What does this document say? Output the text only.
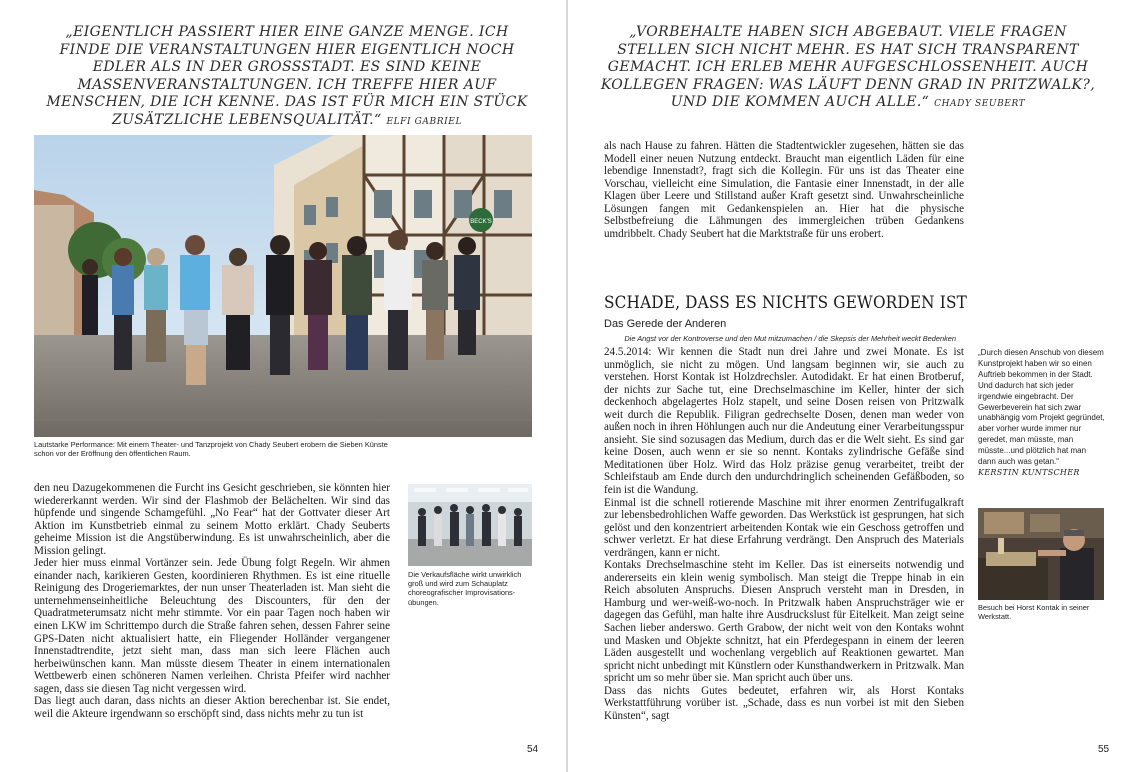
„EIGENTLICH PASSIERT HIER EINE GANZE MENGE. ICH FINDE DIE VERANSTALTUNGEN HIER EIGENTLICH NOCH EDLER ALS IN DER GROSSSTADT. ES SIND KEINE MASSENVERANSTALTUNGEN. ICH TREFFE HIER AUF MENSCHEN, DIE ICH KENNE. DAS IST FÜR MICH EIN STÜCK ZUSÄTZLICHE LEBENSQUALITÄT.“ ELFI GABRIEL
BECK'S
Lautstarke Performance: Mit einem Theater- und Tanzprojekt von Chady Seubert erobern die Sieben Künste schon vor der Eröffnung den öffentlichen Raum.

den neu Dazugekommenen die Furcht ins Gesicht geschrieben, sie könnten hier wiedererkannt werden. Wir sind der Flashmob der Belächelten. Wir sind das hüpfende und singende Schamgefühl. „No Fear“ hat der Gottvater dieser Art Aktion im Kunstbetrieb einmal zu seinem Motto erklärt. Chady Seuberts geheime Mission ist die Angstüberwindung. Es ist unwahrscheinlich, aber die Mission gelingt.

Jeder hier muss einmal Vortänzer sein. Jede Übung folgt Regeln. Wir ahmen einander nach, karikieren Gesten, koordinieren Rhythmen. Es ist eine rituelle Reinigung des Drogeriemarktes, der nun unser Theaterladen ist. Man sieht die unternehmenseinheitliche Beleuchtung des Discounters, für den der Quadratmeterumsatz nicht mehr stimmte. Vor ein paar Tagen noch haben wir einen LKW im Schrittempo durch die Straße fahren sehen, dessen Fahrer seine GPS-Daten nicht aktualisiert hatte, ein Fliegender Holländer vergangener Innenstadtrendite, jetzt sieht man, dass man sich leere Flächen auch herbeiwünschen kann. Man müsste diesem Theater in einem internationalen Wettbewerb einen schöneren Namen verleihen. Christa Pfeifer wird nachher sagen, dass sie diesen Tag nicht vergessen wird.

Das liegt auch daran, dass nichts an dieser Aktion berechenbar ist. Sie endet, weil die Akteure irgendwann so erschöpft sind, dass nichts mehr zu tun ist

Die Verkaufsfläche wirkt unwirklich groß und wird zum Schauplatz choreografischer Improvisations-übungen.
54
„VORBEHALTE HABEN SICH ABGEBAUT. VIELE FRAGEN STELLEN SICH NICHT MEHR. ES HAT SICH TRANSPARENT GEMACHT. ICH ERLEB MEHR AUFGESCHLOSSENHEIT. AUCH KOLLEGEN FRAGEN: WAS LÄUFT DENN GRAD IN PRITZWALK?, UND DIE KOMMEN AUCH ALLE.“ CHADY SEUBERT

als nach Hause zu fahren. Hätten die Stadtentwickler zugesehen, hätten sie das Modell einer neuen Nutzung entdeckt. Braucht man eigentlich Läden für eine lebendige Innenstadt?, fragt sich die Kollegin. Für uns ist das Theater eine Vorschau, vielleicht eine Simulation, die Fantasie einer Innenstadt, in der alle Klagen über Leere und Stillstand außer Kraft gesetzt sind. Unwahrscheinliche Lösungen fangen mit Gedankenspielen an. Hier hat die physische Selbstbefreiung die Lähmungen des immergleichen trüben Gedankens umdribbelt. Chady Seubert hat die Marktstraße für uns erobert.

SCHADE, DASS ES NICHTS GEWORDEN IST
Das Gerede der Anderen
Die Angst vor der Kontroverse und den Mut mitzumachen / die Skepsis der Mehrheit weckt Bedenken

24.5.2014: Wir kennen die Stadt nun drei Jahre und zwei Monate. Es ist unmöglich, sie nicht zu mögen. Und langsam beginnen wir, sie auch zu verstehen. Horst Kontak ist Holzdrechsler. Autodidakt. Er hat einen Brotberuf, der nichts zur Sache tut, eine Drechselmaschine im Keller, hinter der sich deckenhoch abgelagertes Holz stapelt, und seine Dosen reisen von Pritzwalk weit durch die Republik. Filigran gedrechselte Dosen, denen man weder von außen noch in ihren Höhlungen auch nur die Andeutung einer Verarbeitungsspur ansieht. Sie sind sozusagen das Medium, durch das er die Welt sieht. Es sind gar keine Dosen, auch wenn er sie so nennt. Kontaks zylindrische Gefäße sind Meditationen über Holz. Wird das Holz präzise genug verarbeitet, treibt der Schleifstaub am Ende durch den undurchdringlich scheinenden Gefäßboden, so fein ist die Wandung.

Einmal ist die schnell rotierende Maschine mit ihrer enormen Zentrifugalkraft zur lebensbedrohlichen Waffe geworden. Das Werkstück ist gesprungen, hat sich gelöst und den konzentriert arbeitenden Kontak wie ein Geschoss getroffen und schwer verletzt. Er hat diese Erfahrung verdrängt. Den Anspruch des Materials verdrängen, kann er nicht.

Kontaks Drechselmaschine steht im Keller. Das ist einerseits notwendig und andererseits ein klein wenig symbolisch. Man steigt die Treppe hinab in ein Reich absoluten Anspruchs. Diesen Anspruch versteht man in Dresden, in Hamburg und wer-weiß-wo-noch. In Pritzwalk haben Anspruchsträger wie er dagegen das Gefühl, man halte ihre Ausdruckslust für Eitelkeit. Man zeigt seine Sachen lieber anderswo. Gerth Grabow, der nicht weit von den Kontaks wohnt und Masken und Objekte schnitzt, hat ein Pferdegespann in einem der leeren Läden ausgestellt und wochenlang vergeblich auf Reaktionen gewartet. Man spricht nicht unbedingt mit Künstlern oder Kunsthandwerkern in Pritzwalk. Man spricht um so mehr über sie. Man spricht auch über uns.

Dass das nichts Gutes bedeutet, erfahren wir, als Horst Kontaks Werkstattführung vorüber ist. „Schade, dass es nun vorbei ist mit den Sieben Künsten“, sagt

„Durch diesen Anschub von diesem Kunstprojekt haben wir so einen Auftrieb bekommen in der Stadt. Und dadurch hat sich jeder irgendwie eingebracht. Der Gewerbeverein hat sich zwar unabhängig vom Projekt gegründet, aber vorher wurde immer nur geredet, man müsste, man müsste...und plötzlich hat man dann auch was getan.“
KERSTIN KUNTSCHER
Besuch bei Horst Kontak in seiner Werkstatt.
55
